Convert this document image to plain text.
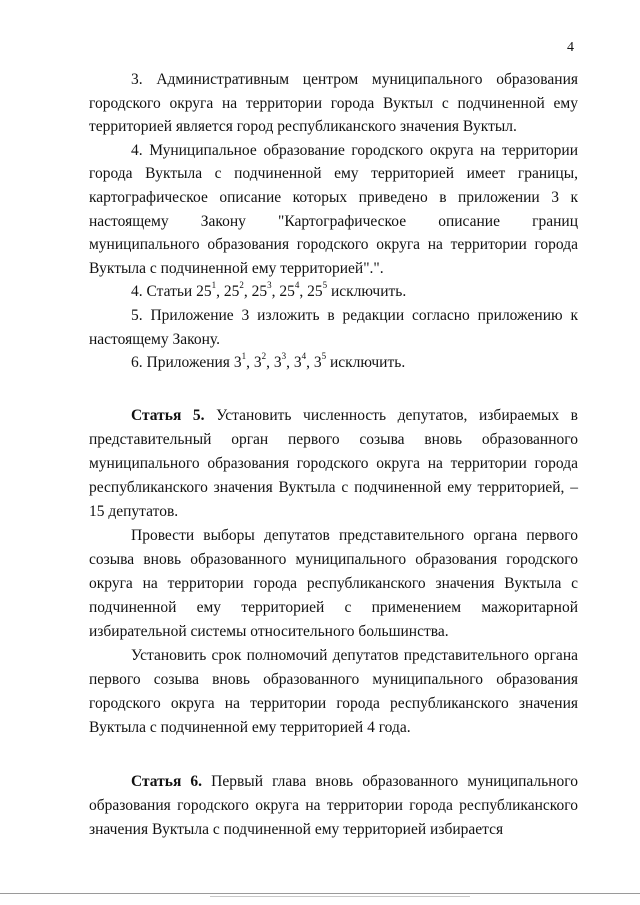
4

3. Административным центром муниципального образования городского округа на территории города Вуктыл с подчиненной ему территорией является город республиканского значения Вуктыл.

4. Муниципальное образование городского округа на территории города Вуктыла с подчиненной ему территорией имеет границы, картографическое описание которых приведено в приложении 3 к настоящему Закону "Картографическое описание границ муниципального образования городского округа на территории города Вуктыла с подчиненной ему территорией".".

4. Статьи $25^1$, $25^2$, $25^3$, $25^4$, $25^5$ исключить.

5. Приложение 3 изложить в редакции согласно приложению к настоящему Закону.

6. Приложения $3^1$, $3^2$, $3^3$, $3^4$, $3^5$ исключить.

Статья 5. Установить численность депутатов, избираемых в представительный орган первого созыва вновь образованного муниципального образования городского округа на территории города республиканского значения Вуктыла с подчиненной ему территорией, – 15 депутатов.

Провести выборы депутатов представительного органа первого созыва вновь образованного муниципального образования городского округа на территории города республиканского значения Вуктыла с подчиненной ему территорией с применением мажоритарной избирательной системы относительного большинства.

Установить срок полномочий депутатов представительного органа первого созыва вновь образованного муниципального образования городского округа на территории города республиканского значения Вуктыла с подчиненной ему территорией 4 года.

Статья 6. Первый глава вновь образованного муниципального образования городского округа на территории города республиканского значения Вуктыла с подчиненной ему территорией избирается
